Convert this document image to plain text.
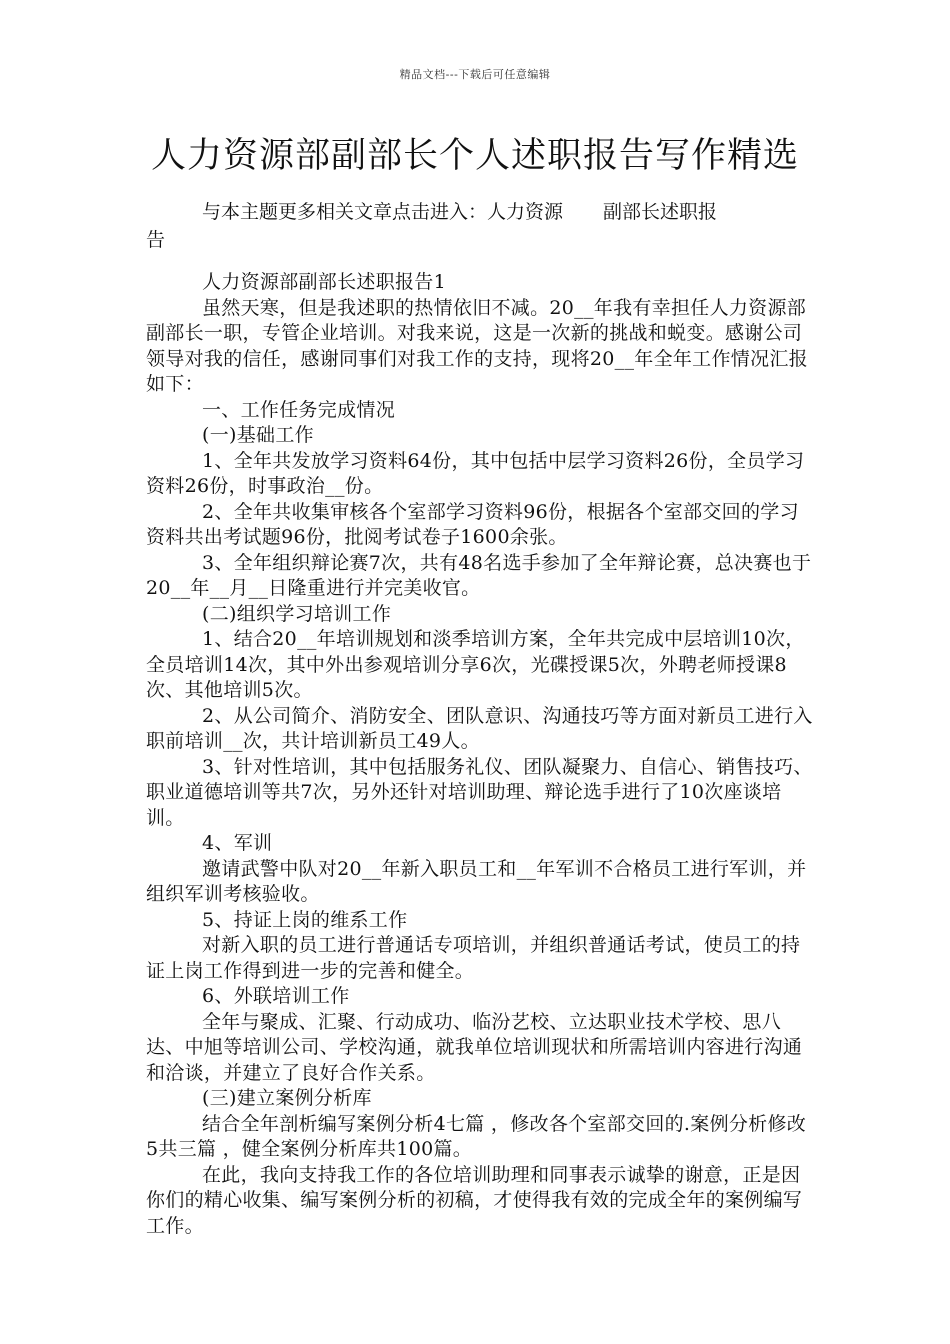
精品文档---下载后可任意编辑
人力资源部副部长个人述职报告写作精选

与本主题更多相关文章点击进入：人力资源 副部长述职报
告

人力资源部副部长述职报告1

虽然天寒，但是我述职的热情依旧不减。20__年我有幸担任人力资源部副部长一职，专管企业培训。对我来说，这是一次新的挑战和蜕变。感谢公司领导对我的信任，感谢同事们对我工作的支持，现将20__年全年工作情况汇报如下：

一、工作任务完成情况

(一)基础工作

1、全年共发放学习资料64份，其中包括中层学习资料26份，全员学习资料26份，时事政治__份。

2、全年共收集审核各个室部学习资料96份，根据各个室部交回的学习资料共出考试题96份，批阅考试卷子1600余张。

3、全年组织辩论赛7次，共有48名选手参加了全年辩论赛，总决赛也于20__年__月__日隆重进行并完美收官。

(二)组织学习培训工作

1、结合20__年培训规划和淡季培训方案，全年共完成中层培训10次，全员培训14次，其中外出参观培训分享6次，光碟授课5次，外聘老师授课8次、其他培训5次。

2、从公司简介、消防安全、团队意识、沟通技巧等方面对新员工进行入职前培训__次，共计培训新员工49人。

3、针对性培训，其中包括服务礼仪、团队凝聚力、自信心、销售技巧、职业道德培训等共7次，另外还针对培训助理、辩论选手进行了10次座谈培训。

4、军训

邀请武警中队对20__年新入职员工和__年军训不合格员工进行军训，并组织军训考核验收。

5、持证上岗的维系工作

对新入职的员工进行普通话专项培训，并组织普通话考试，使员工的持证上岗工作得到进一步的完善和健全。

6、外联培训工作

全年与聚成、汇聚、行动成功、临汾艺校、立达职业技术学校、思八达、中旭等培训公司、学校沟通，就我单位培训现状和所需培训内容进行沟通和洽谈，并建立了良好合作关系。

(三)建立案例分析库

结合全年剖析编写案例分析4七篇 ，修改各个室部交回的.案例分析修改 5共三篇 ，健全案例分析库共100篇。

在此，我向支持我工作的各位培训助理和同事表示诚挚的谢意，正是因你们的精心收集、编写案例分析的初稿，才使得我有效的完成全年的案例编写工作。
